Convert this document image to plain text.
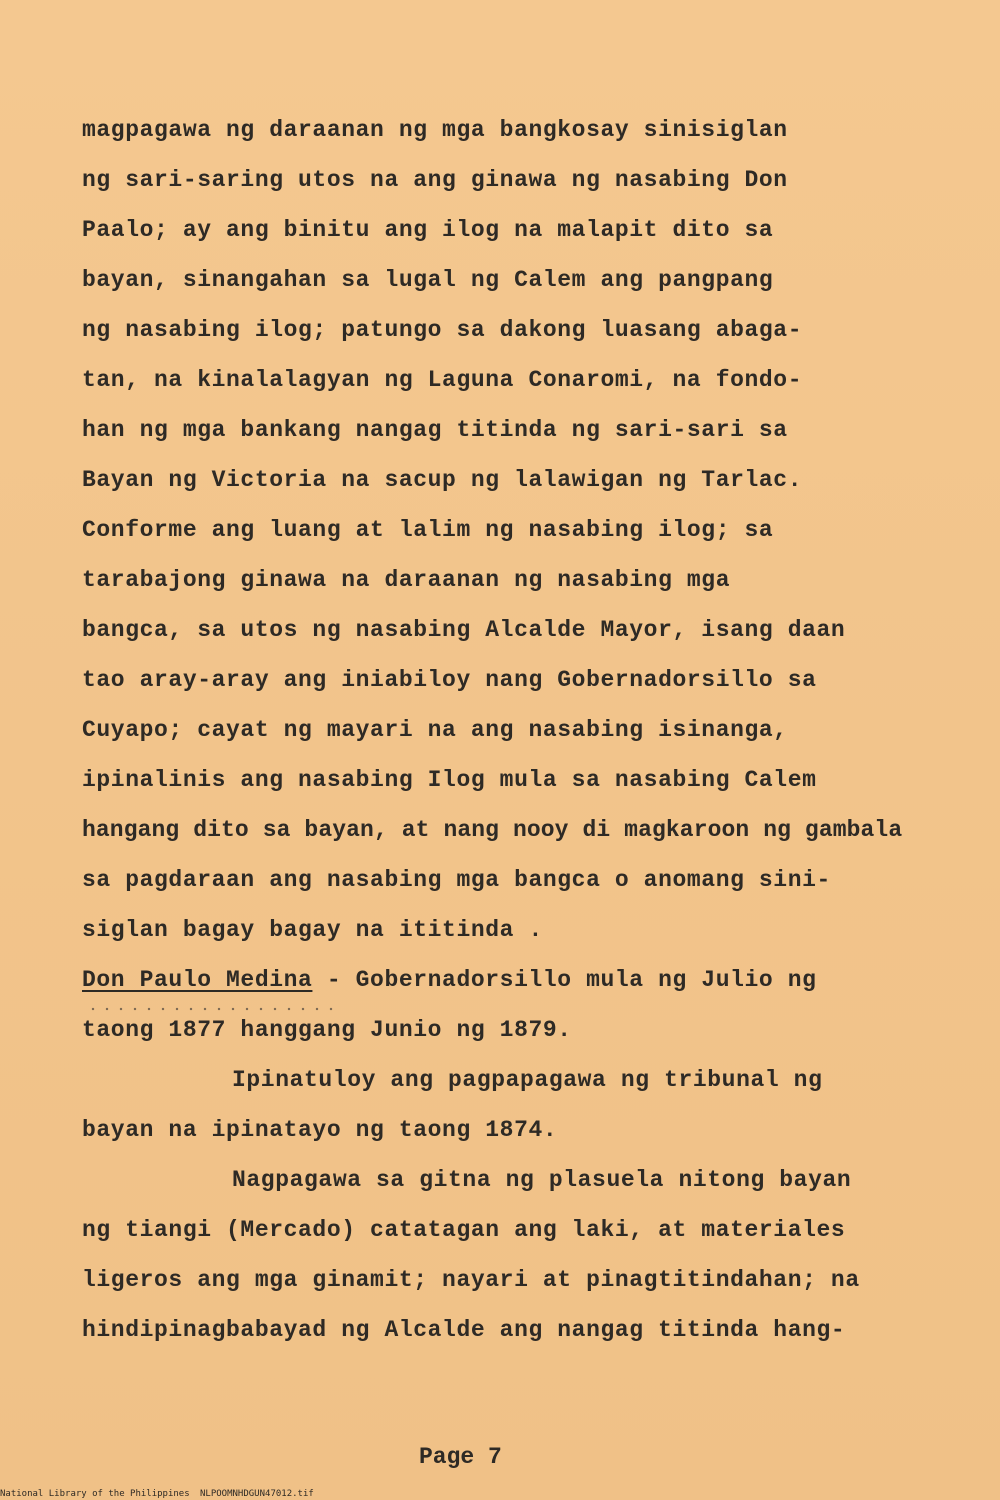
magpagawa ng daraanan ng mga bangkosay sinisiglan
ng sari-saring utos na ang ginawa ng nasabing Don
Paalo; ay ang binitu ang ilog na malapit dito sa
bayan, sinangahan sa lugal ng Calem ang pangpang
ng nasabing ilog; patungo sa dakong luasang abaga-
tan, na kinalalagyan ng Laguna Conaromi, na fondo-
han ng mga bankang nangag titinda ng sari-sari sa
Bayan ng Victoria na sacup ng lalawigan ng Tarlac.
Conforme ang luang at lalim ng nasabing ilog; sa
tarabajong ginawa na daraanan ng nasabing mga
bangca, sa utos ng nasabing Alcalde Mayor, isang daan
tao aray-aray ang iniabiloy nang Gobernadorsillo sa
Cuyapo; cayat ng mayari na ang nasabing isinanga,
ipinalinis ang nasabing Ilog mula sa nasabing Calem
hangang dito sa bayan, at nang nooy di magkaroon ng gambala
sa pagdaraan ang nasabing mga bangca o anomang sini-
siglan bagay bagay na ititinda .
Don Paulo Medina - Gobernadorsillo mula ng Julio ng
taong 1877 hanggang Junio ng 1879.
Ipinatuloy ang pagpapagawa ng tribunal ng
bayan na ipinatayo ng taong 1874.
Nagpagawa sa gitna ng plasuela nitong bayan
ng tiangi (Mercado) catatagan ang laki, at materiales
ligeros ang mga ginamit; nayari at pinagtitindahan; na
hindipinagbabayad ng Alcalde ang nangag titinda hang-
Page 7
National Library of the Philippines NLPOOMNHDGUN47012.tif
